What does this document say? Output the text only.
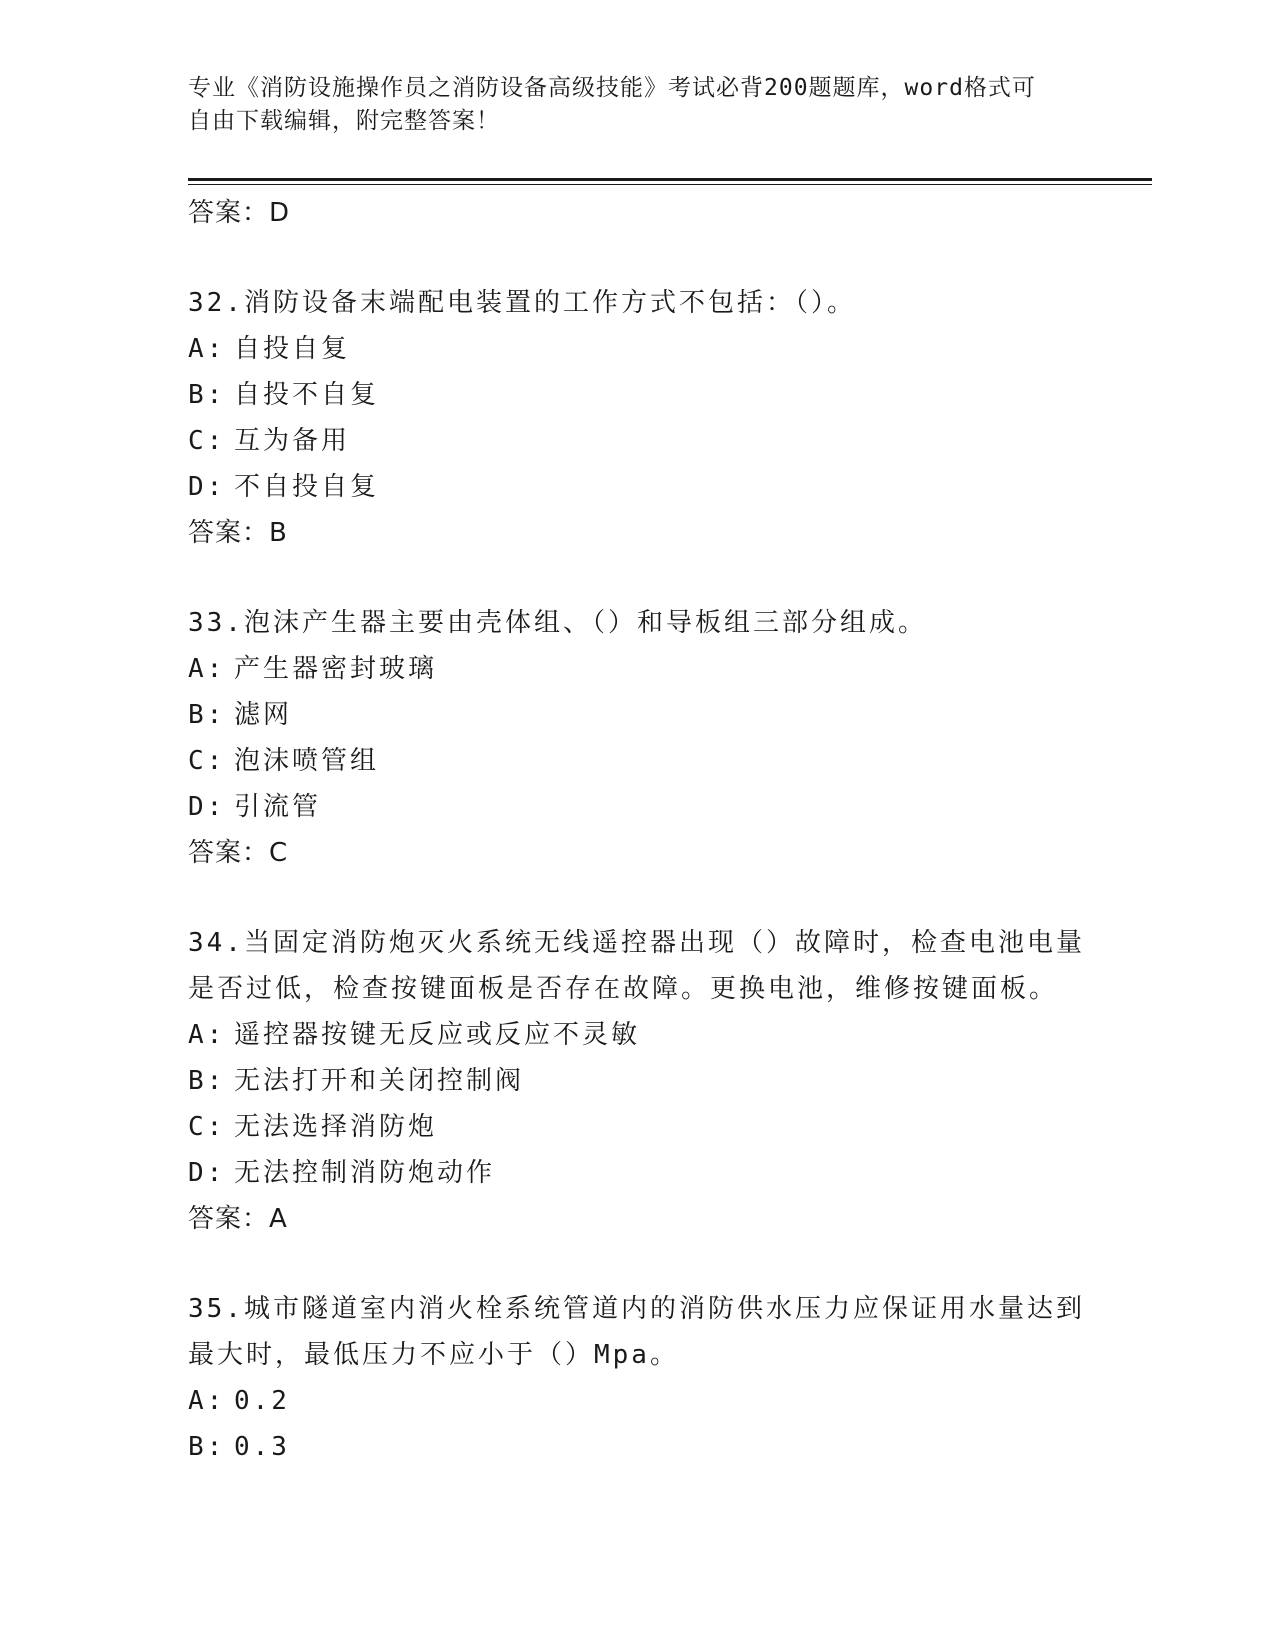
专业《消防设施操作员之消防设备高级技能》考试必背200题题库，word格式可
自由下载编辑，附完整答案！

答案：D

32.消防设备末端配电装置的工作方式不包括：（）。

A: 自投自复

B: 自投不自复

C: 互为备用

D: 不自投自复

答案：B

33.泡沫产生器主要由壳体组、（）和导板组三部分组成。

A: 产生器密封玻璃

B: 滤网

C: 泡沫喷管组

D: 引流管

答案：C

34.当固定消防炮灭火系统无线遥控器出现（）故障时，检查电池电量

是否过低，检查按键面板是否存在故障。更换电池，维修按键面板。

A: 遥控器按键无反应或反应不灵敏

B: 无法打开和关闭控制阀

C: 无法选择消防炮

D: 无法控制消防炮动作

答案：A

35.城市隧道室内消火栓系统管道内的消防供水压力应保证用水量达到

最大时，最低压力不应小于（）Mpa。

A: 0.2

B: 0.3
